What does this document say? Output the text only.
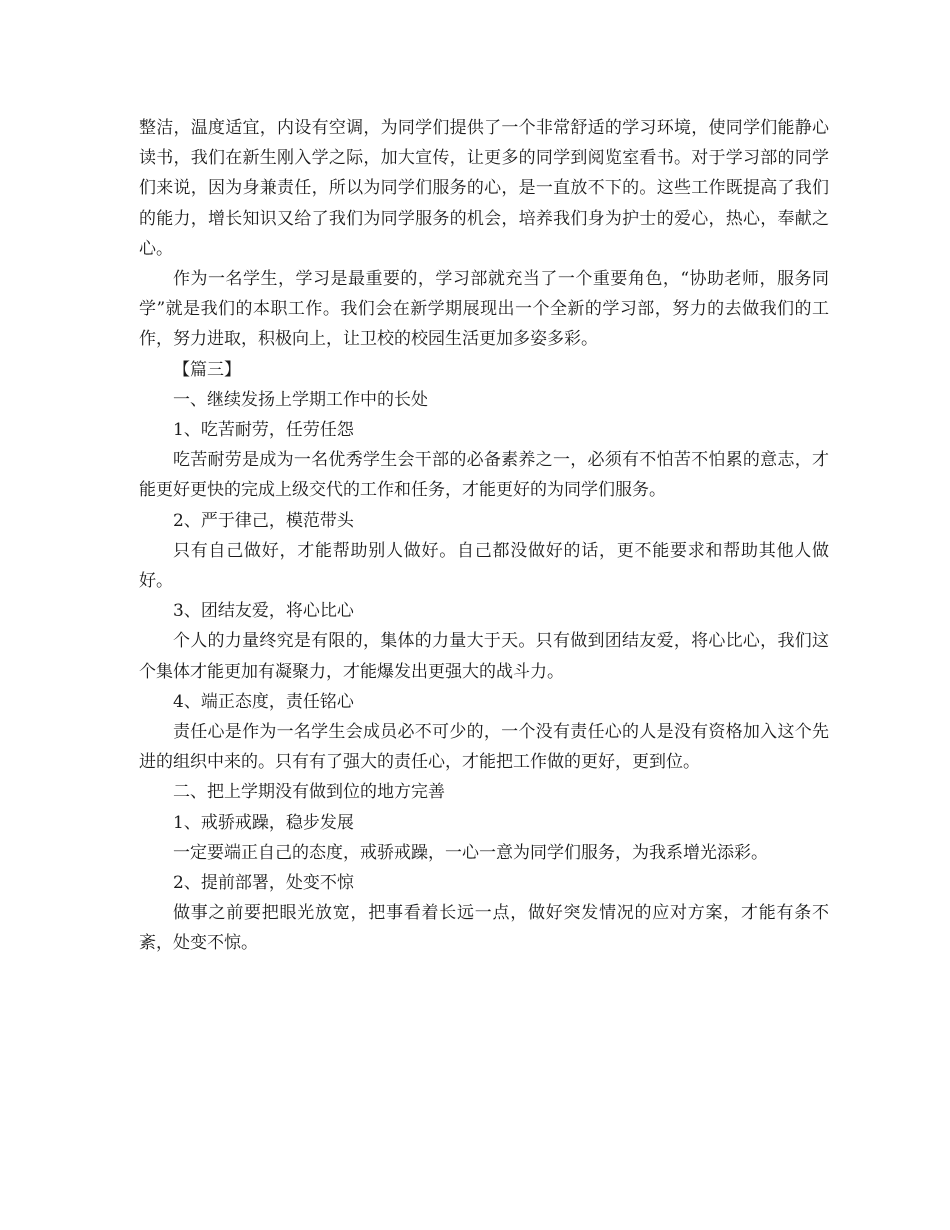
整洁，温度适宜，内设有空调，为同学们提供了一个非常舒适的学习环境，使同学们能静心读书，我们在新生刚入学之际，加大宣传，让更多的同学到阅览室看书。对于学习部的同学们来说，因为身兼责任，所以为同学们服务的心，是一直放不下的。这些工作既提高了我们的能力，增长知识又给了我们为同学服务的机会，培养我们身为护士的爱心，热心，奉献之心。

作为一名学生，学习是最重要的，学习部就充当了一个重要角色，“协助老师，服务同学”就是我们的本职工作。我们会在新学期展现出一个全新的学习部，努力的去做我们的工作，努力进取，积极向上，让卫校的校园生活更加多姿多彩。

【篇三】

一、继续发扬上学期工作中的长处

1、吃苦耐劳，任劳任怨

吃苦耐劳是成为一名优秀学生会干部的必备素养之一，必须有不怕苦不怕累的意志，才能更好更快的完成上级交代的工作和任务，才能更好的为同学们服务。

2、严于律己，模范带头

只有自己做好，才能帮助别人做好。自己都没做好的话，更不能要求和帮助其他人做好。

3、团结友爱，将心比心

个人的力量终究是有限的，集体的力量大于天。只有做到团结友爱，将心比心，我们这个集体才能更加有凝聚力，才能爆发出更强大的战斗力。

4、端正态度，责任铭心

责任心是作为一名学生会成员必不可少的，一个没有责任心的人是没有资格加入这个先进的组织中来的。只有有了强大的责任心，才能把工作做的更好，更到位。

二、把上学期没有做到位的地方完善

1、戒骄戒躁，稳步发展

一定要端正自己的态度，戒骄戒躁，一心一意为同学们服务，为我系增光添彩。

2、提前部署，处变不惊

做事之前要把眼光放宽，把事看着长远一点，做好突发情况的应对方案，才能有条不紊，处变不惊。
